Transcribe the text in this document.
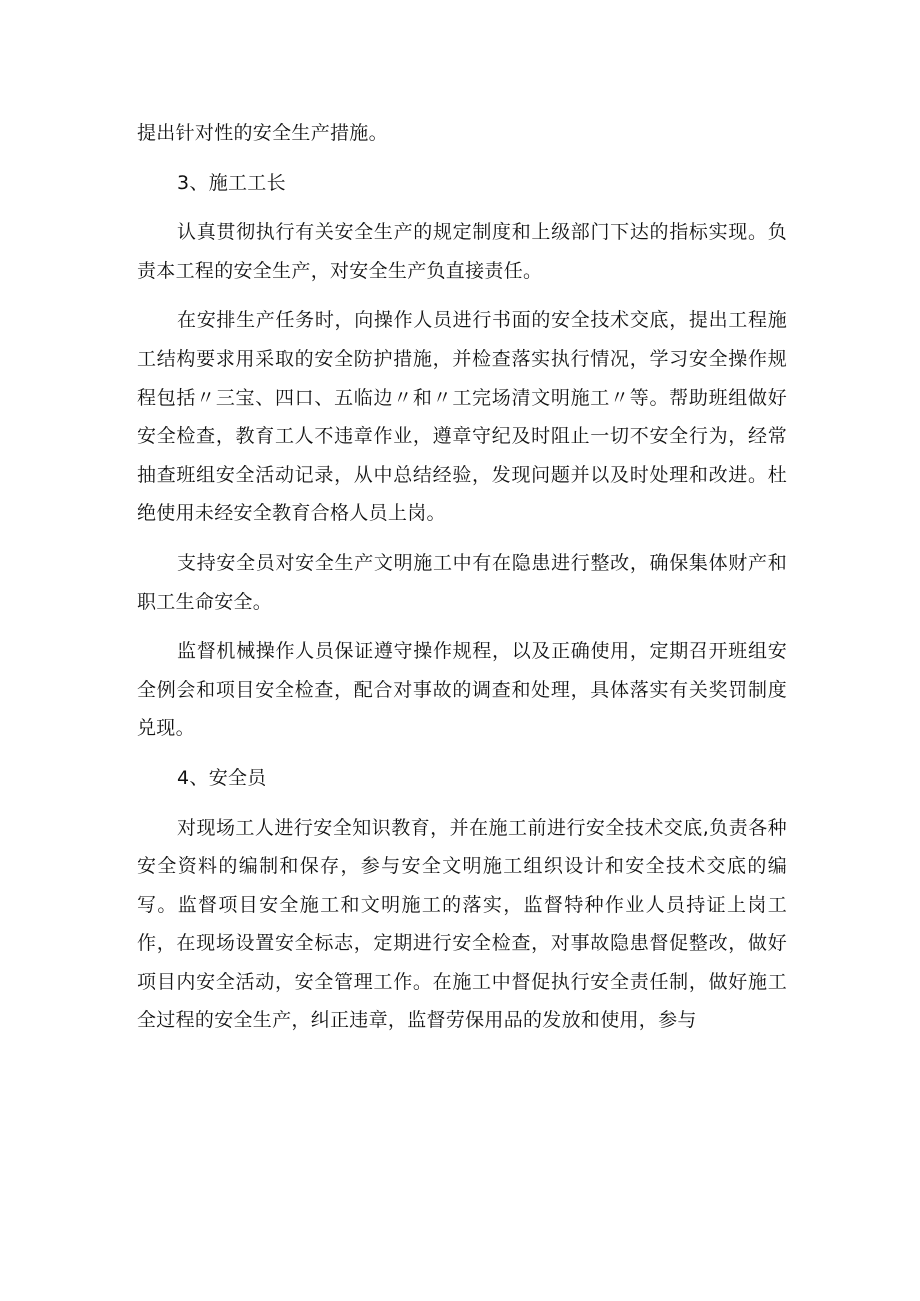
提出针对性的安全生产措施。

3、施工工长

认真贯彻执行有关安全生产的规定制度和上级部门下达的指标实现。负责本工程的安全生产，对安全生产负直接责任。

在安排生产任务时，向操作人员进行书面的安全技术交底，提出工程施工结构要求用采取的安全防护措施，并检查落实执行情况，学习安全操作规程包括〃三宝、四口、五临边〃和〃工完场清文明施工〃等。帮助班组做好安全检查，教育工人不违章作业，遵章守纪及时阻止一切不安全行为，经常抽查班组安全活动记录，从中总结经验，发现问题并以及时处理和改进。杜绝使用未经安全教育合格人员上岗。

支持安全员对安全生产文明施工中有在隐患进行整改，确保集体财产和职工生命安全。

监督机械操作人员保证遵守操作规程，以及正确使用，定期召开班组安全例会和项目安全检查，配合对事故的调查和处理，具体落实有关奖罚制度兑现。

4、安全员

对现场工人进行安全知识教育，并在施工前进行安全技术交底,负责各种安全资料的编制和保存，参与安全文明施工组织设计和安全技术交底的编写。监督项目安全施工和文明施工的落实，监督特种作业人员持证上岗工作，在现场设置安全标志，定期进行安全检查，对事故隐患督促整改，做好项目内安全活动，安全管理工作。在施工中督促执行安全责任制，做好施工全过程的安全生产，纠正违章，监督劳保用品的发放和使用，参与
